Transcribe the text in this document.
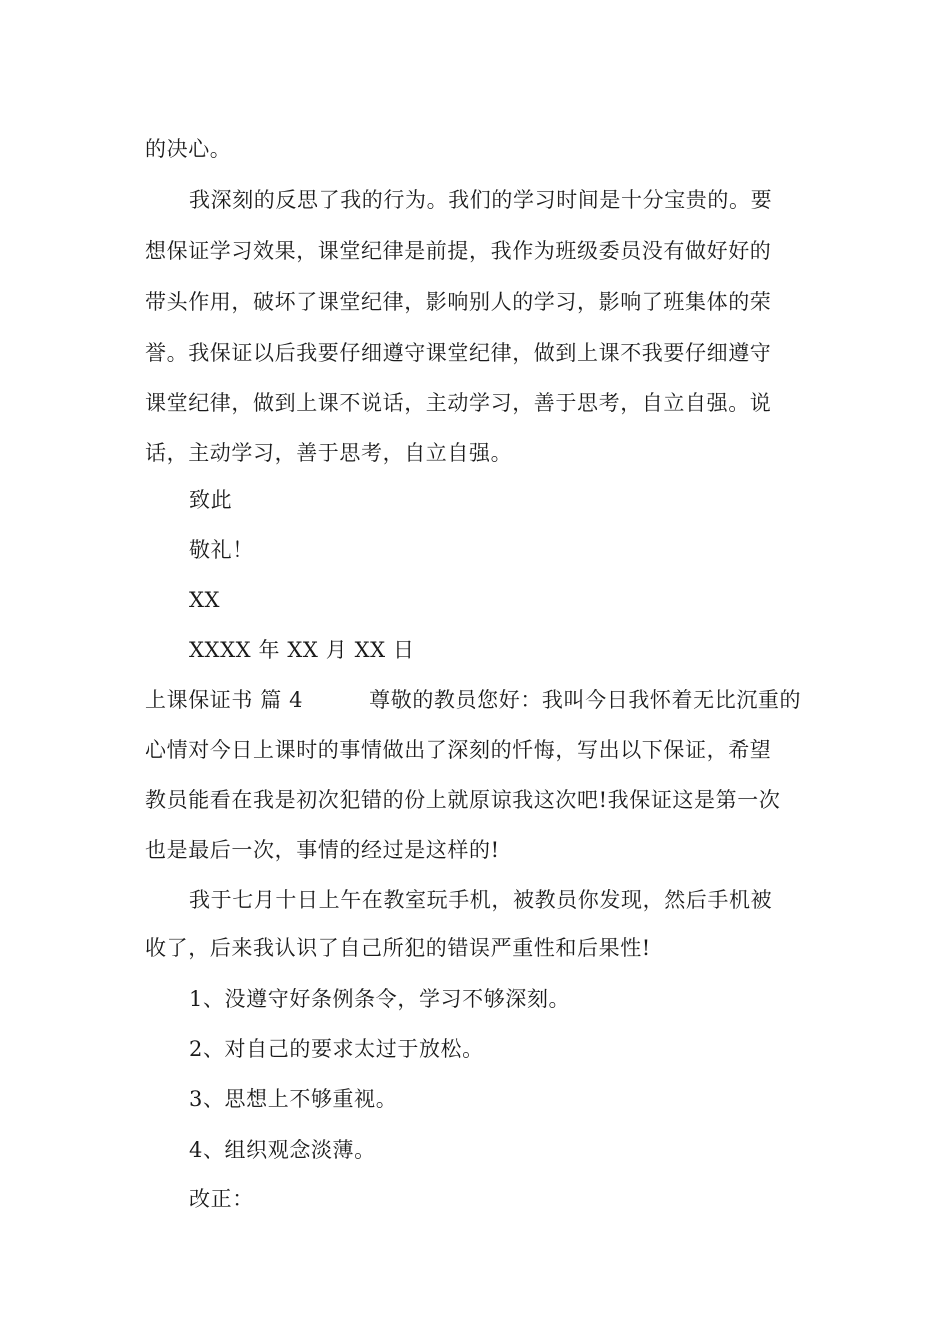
的决心。
我深刻的反思了我的行为。我们的学习时间是十分宝贵的。要
想保证学习效果，课堂纪律是前提，我作为班级委员没有做好好的
带头作用，破坏了课堂纪律，影响别人的学习，影响了班集体的荣
誉。我保证以后我要仔细遵守课堂纪律，做到上课不我要仔细遵守
课堂纪律，做到上课不说话，主动学习，善于思考，自立自强。说
话，主动学习，善于思考，自立自强。
致此
敬礼！
XX
XXXX 年 XX 月 XX 日
上课保证书 篇 4	尊敬的教员您好：我叫今日我怀着无比沉重的
心情对今日上课时的事情做出了深刻的忏悔，写出以下保证，希望
教员能看在我是初次犯错的份上就原谅我这次吧!我保证这是第一次
也是最后一次，事情的经过是这样的!
我于七月十日上午在教室玩手机，被教员你发现，然后手机被
收了，后来我认识了自己所犯的错误严重性和后果性!
1、没遵守好条例条令，学习不够深刻。
2、对自己的要求太过于放松。
3、思想上不够重视。
4、组织观念淡薄。
改正：
